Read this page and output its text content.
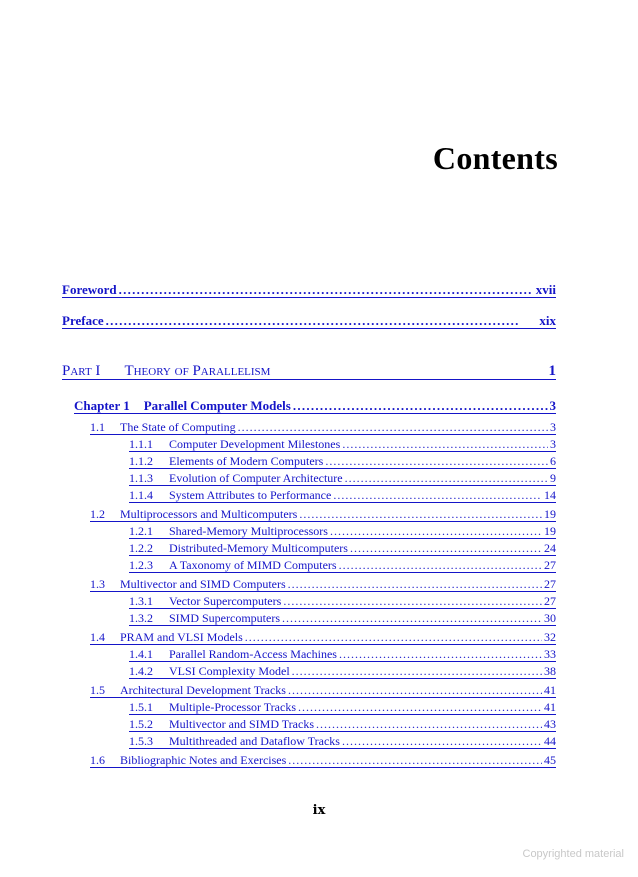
Contents
Foreword . . .	xvii
Preface . . .	xix
Part I Theory of Parallelism	1
Chapter 1 Parallel Computer Models . . .	3
1.1	The State of Computing . . .	3
1.1.1	Computer Development Milestones . . .	3
1.1.2	Elements of Modern Computers . . .	6
1.1.3	Evolution of Computer Architecture . . .	9
1.1.4	System Attributes to Performance . . .	14
1.2	Multiprocessors and Multicomputers . . .	19
1.2.1	Shared-Memory Multiprocessors . . .	19
1.2.2	Distributed-Memory Multicomputers . . .	24
1.2.3	A Taxonomy of MIMD Computers . . .	27
1.3	Multivector and SIMD Computers . . .	27
1.3.1	Vector Supercomputers . . .	27
1.3.2	SIMD Supercomputers . . .	30
1.4	PRAM and VLSI Models . . .	32
1.4.1	Parallel Random-Access Machines . . .	33
1.4.2	VLSI Complexity Model . . .	38
1.5	Architectural Development Tracks . . .	41
1.5.1	Multiple-Processor Tracks . . .	41
1.5.2	Multivector and SIMD Tracks . . .	43
1.5.3	Multithreaded and Dataflow Tracks . . .	44
1.6	Bibliographic Notes and Exercises . . .	45
ix
Copyrighted material
